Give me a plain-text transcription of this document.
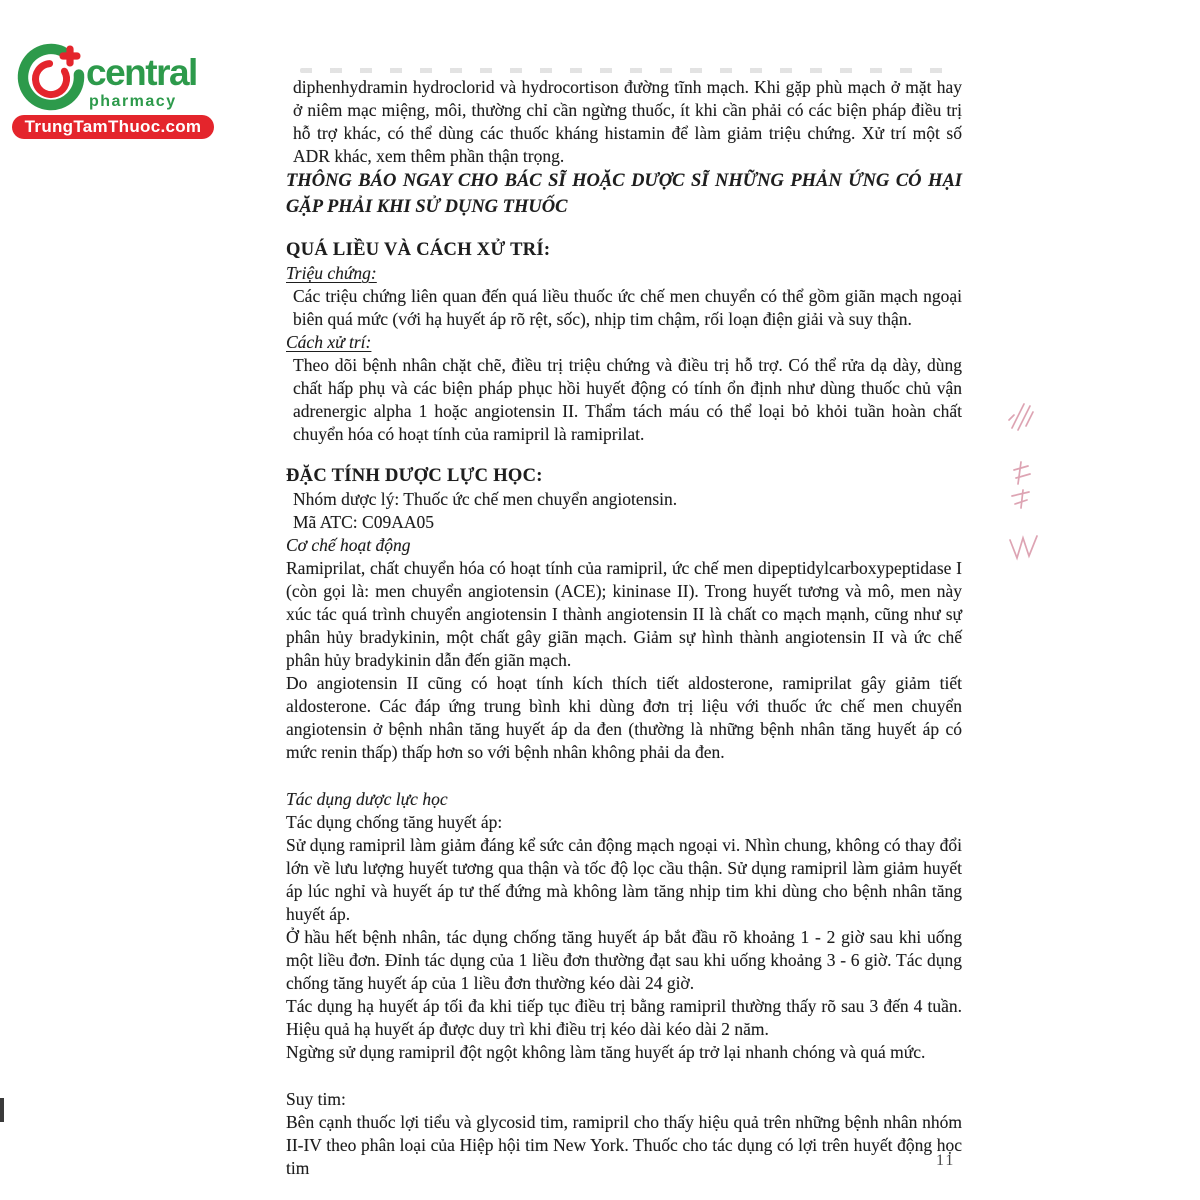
central
pharmacy
TrungTamThuoc.com
diphenhydramin hydroclorid và hydrocortison đường tĩnh mạch. Khi gặp phù mạch ở mặt hay ở niêm mạc miệng, môi, thường chỉ cần ngừng thuốc, ít khi cần phải có các biện pháp điều trị hỗ trợ khác, có thể dùng các thuốc kháng histamin để làm giảm triệu chứng. Xử trí một số ADR khác, xem thêm phần thận trọng.
THÔNG BÁO NGAY CHO BÁC SĨ HOẶC DƯỢC SĨ NHỮNG PHẢN ỨNG CÓ HẠI GẶP PHẢI KHI SỬ DỤNG THUỐC
QUÁ LIỀU VÀ CÁCH XỬ TRÍ:
Triệu chứng:
Các triệu chứng liên quan đến quá liều thuốc ức chế men chuyển có thể gồm giãn mạch ngoại biên quá mức (với hạ huyết áp rõ rệt, sốc), nhịp tim chậm, rối loạn điện giải và suy thận.
Cách xử trí:
Theo dõi bệnh nhân chặt chẽ, điều trị triệu chứng và điều trị hỗ trợ. Có thể rửa dạ dày, dùng chất hấp phụ và các biện pháp phục hồi huyết động có tính ổn định như dùng thuốc chủ vận adrenergic alpha 1 hoặc angiotensin II. Thẩm tách máu có thể loại bỏ khỏi tuần hoàn chất chuyển hóa có hoạt tính của ramipril là ramiprilat.
ĐẶC TÍNH DƯỢC LỰC HỌC:
Nhóm dược lý: Thuốc ức chế men chuyển angiotensin.
Mã ATC: C09AA05
Cơ chế hoạt động
Ramiprilat, chất chuyển hóa có hoạt tính của ramipril, ức chế men dipeptidylcarboxypeptidase I (còn gọi là: men chuyển angiotensin (ACE); kininase II). Trong huyết tương và mô, men này xúc tác quá trình chuyển angiotensin I thành angiotensin II là chất co mạch mạnh, cũng như sự phân hủy bradykinin, một chất gây giãn mạch. Giảm sự hình thành angiotensin II và ức chế phân hủy bradykinin dẫn đến giãn mạch.
Do angiotensin II cũng có hoạt tính kích thích tiết aldosterone, ramiprilat gây giảm tiết aldosterone. Các đáp ứng trung bình khi dùng đơn trị liệu với thuốc ức chế men chuyển angiotensin ở bệnh nhân tăng huyết áp da đen (thường là những bệnh nhân tăng huyết áp có mức renin thấp) thấp hơn so với bệnh nhân không phải da đen.
Tác dụng dược lực học
Tác dụng chống tăng huyết áp:
Sử dụng ramipril làm giảm đáng kể sức cản động mạch ngoại vi. Nhìn chung, không có thay đổi lớn về lưu lượng huyết tương qua thận và tốc độ lọc cầu thận. Sử dụng ramipril làm giảm huyết áp lúc nghỉ và huyết áp tư thế đứng mà không làm tăng nhịp tim khi dùng cho bệnh nhân tăng huyết áp.
Ở hầu hết bệnh nhân, tác dụng chống tăng huyết áp bắt đầu rõ khoảng 1 - 2 giờ sau khi uống một liều đơn. Đỉnh tác dụng của 1 liều đơn thường đạt sau khi uống khoảng 3 - 6 giờ. Tác dụng chống tăng huyết áp của 1 liều đơn thường kéo dài 24 giờ.
Tác dụng hạ huyết áp tối đa khi tiếp tục điều trị bằng ramipril thường thấy rõ sau 3 đến 4 tuần. Hiệu quả hạ huyết áp được duy trì khi điều trị kéo dài kéo dài 2 năm.
Ngừng sử dụng ramipril đột ngột không làm tăng huyết áp trở lại nhanh chóng và quá mức.
Suy tim:
Bên cạnh thuốc lợi tiểu và glycosid tim, ramipril cho thấy hiệu quả trên những bệnh nhân nhóm II-IV theo phân loại của Hiệp hội tim New York. Thuốc cho tác dụng có lợi trên huyết động học tim	11
